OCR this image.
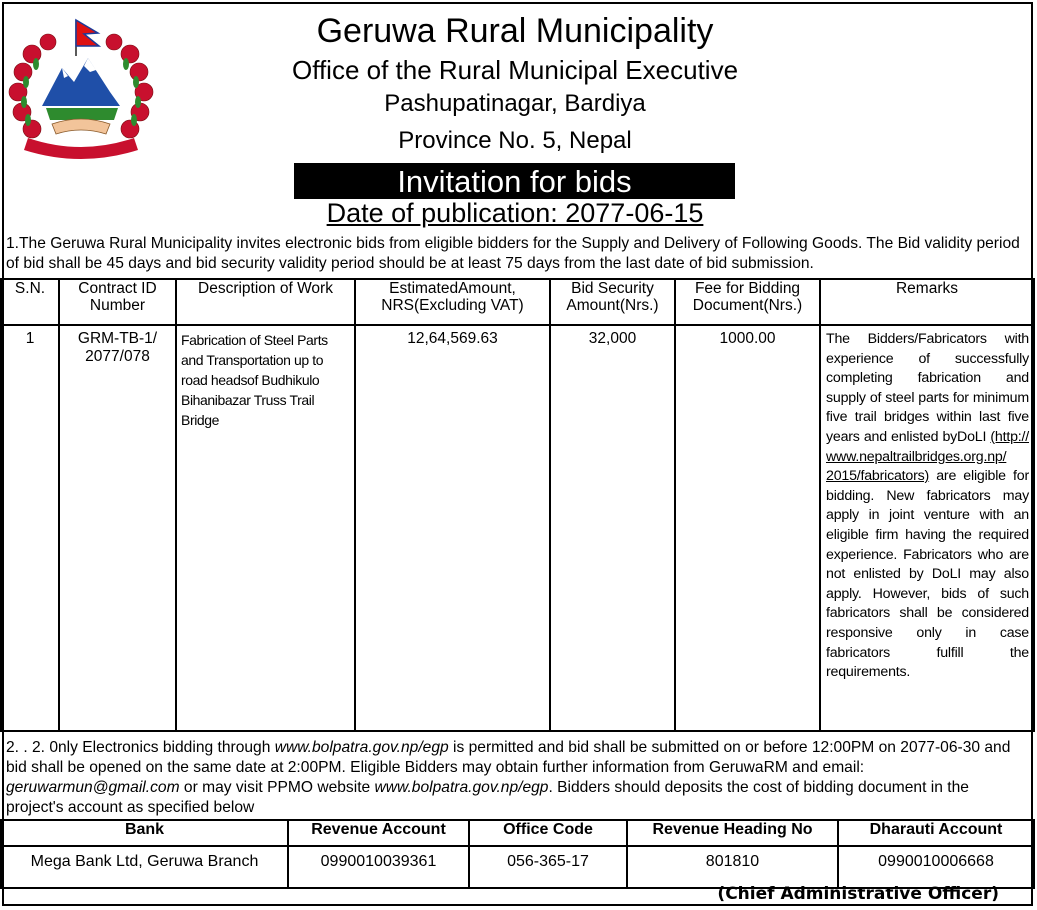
Geruwa Rural Municipality
Office of the Rural Municipal Executive
Pashupatinagar, Bardiya
Province No. 5, Nepal
Invitation for bids
Date of publication: 2077-06-15
1.The Geruwa Rural Municipality invites electronic bids from eligible bidders for the Supply and Delivery of Following Goods. The Bid validity period of bid shall be 45 days and bid security validity period should be at least 75 days from the last date of bid submission.
S.N.	Contract ID Number	Description of Work	EstimatedAmount, NRS(Excluding VAT)	Bid Security Amount(Nrs.)	Fee for Bidding Document(Nrs.)	Remarks
1	GRM-TB-1/ 2077/078	Fabrication of Steel Parts and Transportation up to road headsof Budhikulo Bihanibazar Truss Trail Bridge	12,64,569.63	32,000	1000.00	The Bidders/Fabricators with experience of successfully completing fabrication and supply of steel parts for minimum five trail bridges within last five years and enlisted byDoLI (http:// www.nepaltrailbridges.org.np/ 2015/fabricators) are eligible for bidding. New fabricators may apply in joint venture with an eligible firm having the required experience. Fabricators who are not enlisted by DoLI may also apply. However, bids of such fabricators shall be considered responsive only in case fabricators fulfill the requirements.
2. . 2. 0nly Electronics bidding through www.bolpatra.gov.np/egp is permitted and bid shall be submitted on or before 12:00PM on 2077-06-30 and bid shall be opened on the same date at 2:00PM. Eligible Bidders may obtain further information from GeruwaRM and email: geruwarmun@gmail.com or may visit PPMO website www.bolpatra.gov.np/egp. Bidders should deposits the cost of bidding document in the project's account as specified below
Bank	Revenue Account	Office Code	Revenue Heading No	Dharauti Account
Mega Bank Ltd, Geruwa Branch	0990010039361	056-365-17	801810	0990010006668
(Chief Administrative Officer)
